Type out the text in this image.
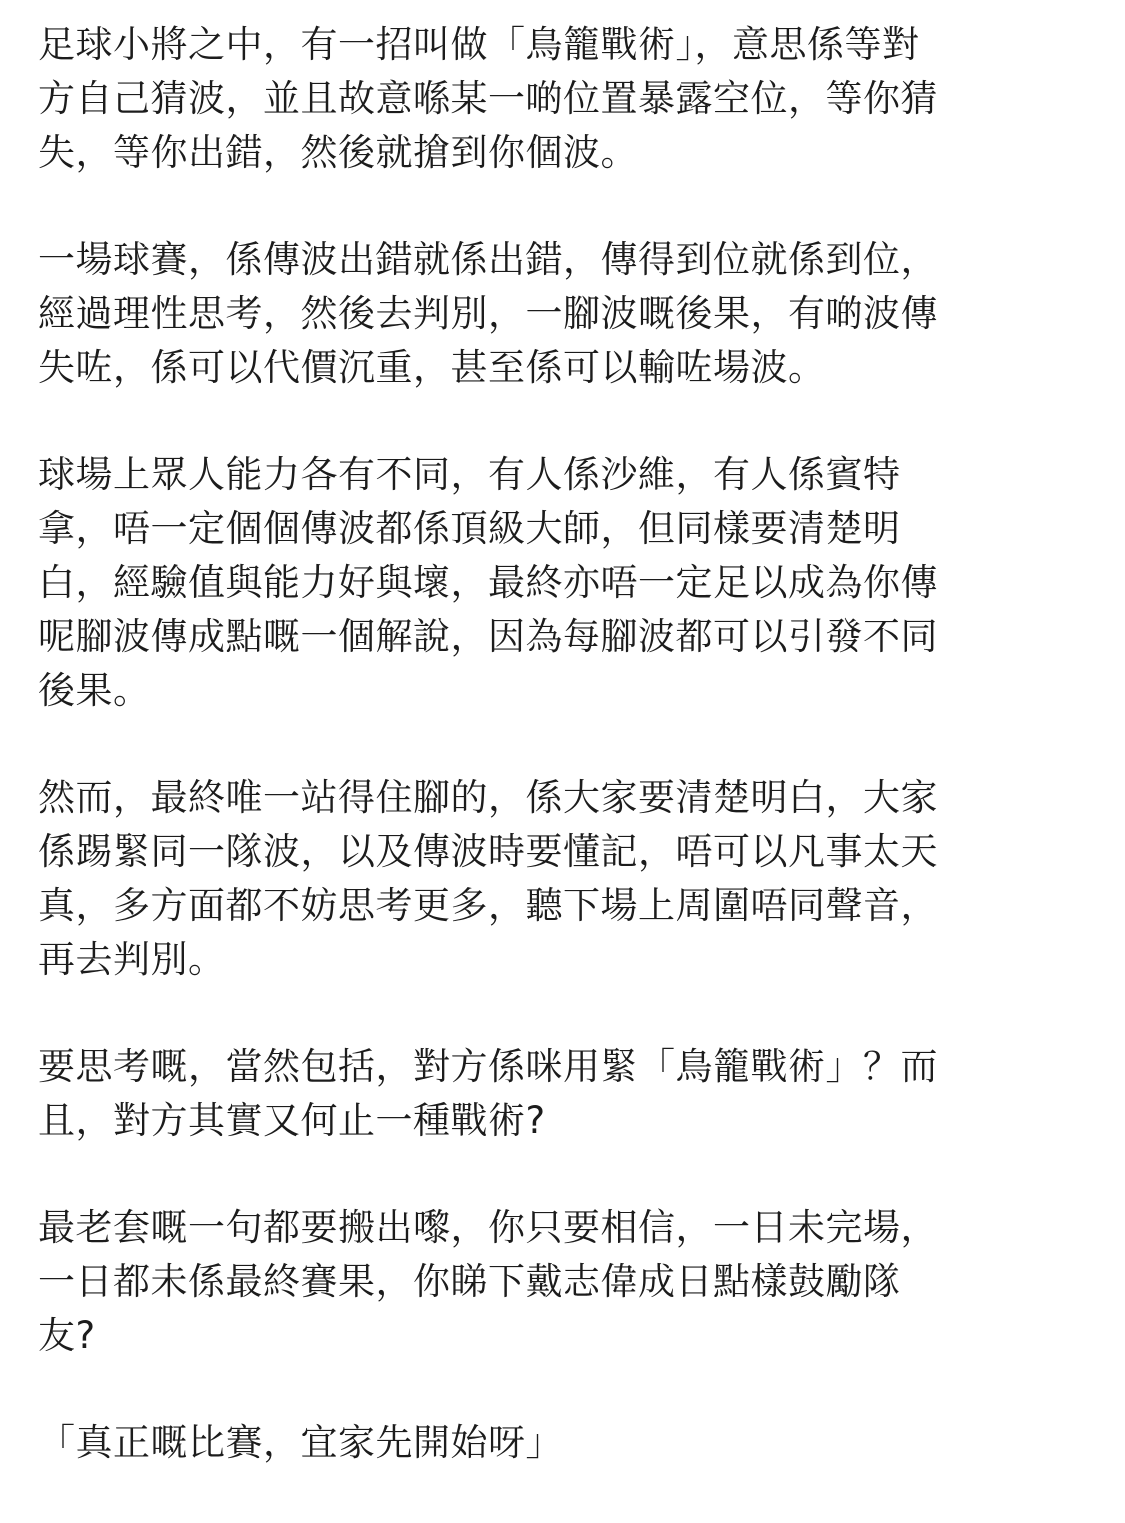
足球小將之中，有一招叫做「鳥籠戰術」，意思係等對
方自己猜波，並且故意喺某一啲位置暴露空位，等你猜
失，等你出錯，然後就搶到你個波。
一場球賽，係傳波出錯就係出錯，傳得到位就係到位，
經過理性思考，然後去判別，一腳波嘅後果，有啲波傳
失咗，係可以代價沉重，甚至係可以輸咗場波。
球場上眾人能力各有不同，有人係沙維，有人係賓特
拿，唔一定個個傳波都係頂級大師，但同樣要清楚明
白，經驗值與能力好與壞，最終亦唔一定足以成為你傳
呢腳波傳成點嘅一個解說，因為每腳波都可以引發不同
後果。
然而，最終唯一站得住腳的，係大家要清楚明白，大家
係踢緊同一隊波，以及傳波時要懂記，唔可以凡事太天
真，多方面都不妨思考更多，聽下場上周圍唔同聲音，
再去判別。
要思考嘅，當然包括，對方係咪用緊「鳥籠戰術」？而
且，對方其實又何止一種戰術?
最老套嘅一句都要搬出嚟，你只要相信，一日未完場，
一日都未係最終賽果，你睇下戴志偉成日點樣鼓勵隊
友?
「真正嘅比賽，宜家先開始呀」
